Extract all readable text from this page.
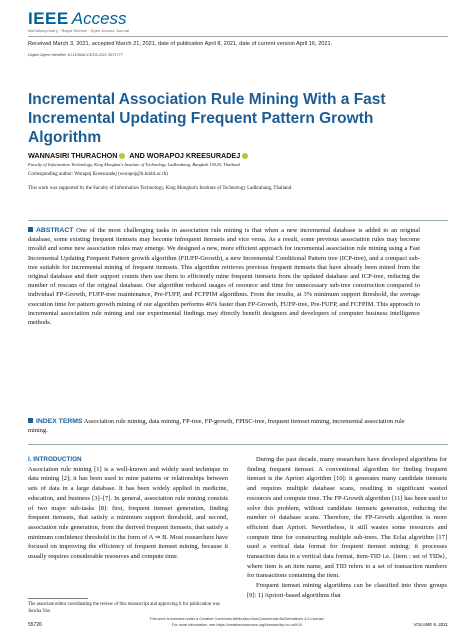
IEEE Access
Multidisciplinary : Rapid Review : Open Access Journal
Received March 3, 2021, accepted March 21, 2021, date of publication April 8, 2021, date of current version April 16, 2021.
Digital Object Identifier 10.1109/ACCESS.2021.3071777
Incremental Association Rule Mining With a Fast Incremental Updating Frequent Pattern Growth Algorithm
WANNASIRI THURACHON AND WORAPOJ KREESURADEJ
Faculty of Information Technology, King Mongkut's Institute of Technology Ladkrabang, Bangkok 10520, Thailand
Corresponding author: Worapoj Kreesuradej (worapoj@it.kmitl.ac.th)
This work was supported by the Faculty of Information Technology, King Mongkut's Institute of Technology Ladkrabang, Thailand.
ABSTRACT One of the most challenging tasks in association rule mining is that when a new incremental database is added to an original database, some existing frequent itemsets may become infrequent itemsets and vice versa. As a result, some previous association rules may become invalid and some new association rules may emerge. We designed a new, more efficient approach for incremental association rule mining using a Fast Incremental Updating Frequent Pattern growth algorithm (FIUFP-Growth), a new Incremental Conditional Pattern tree (ICP-tree), and a compact sub-tree suitable for incremental mining of frequent itemsets. This algorithm retrieves previous frequent itemsets that have already been mined from the original database and their support counts then use them to efficiently mine frequent itemsets from the updated database and ICP-tree, reducing the number of rescans of the original database. Our algorithm reduced usages of resource and time for unnecessary sub-tree construction compared to individual FP-Growth, FUFP-tree maintenance, Pre-FUFP, and FCFPIM algorithms. From the results, at 3% minimum support threshold, the average execution time for pattern growth mining of our algorithm performs 46% faster than FP-Growth, FUFP-tree, Pre-FUFP, and FCFPIM. This approach to incremental association rule mining and our experimental findings may directly benefit designers and developers of computer business intelligence methods.
INDEX TERMS Association rule mining, data mining, FP-tree, FP-growth, FPISC-tree, frequent itemset mining, incremental association rule mining.
I. INTRODUCTION
Association rule mining [1] is a well-known and widely used technique in data mining [2]; it has been used to mine patterns or relationships between sets of data in a large database. It has been widely applied in medicine, education, and business [3]–[7]. In general, association rule mining consists of two major sub-tasks [8]: first, frequent itemset generation, finding frequent itemsets, that satisfy a minimum support threshold, and second, association rule generation, from the derived frequent itemsets, that satisfy a minimum confidence threshold in the form of A ⇒ B. Most researchers have focused on improving the efficiency of frequent itemset mining, because it usually requires considerable resources and compute time.
During the past decade, many researchers have developed algorithms for finding frequent itemset. A conventional algorithm for finding frequent itemset is the Apriori algorithm [10]: it generates many candidate itemsets and requires multiple database scans, resulting in significant wasted resources and compute time. The FP-Growth algorithm [11] has been used to solve this problem, without candidate itemsets generation, reducing the number of database scans. Therefore, the FP-Growth algorithm is more efficient than Apriori. Nevertheless, it still wastes some resources and compute time for constructing multiple sub-trees. The Eclat algorithm [17] used a vertical data format for frequent itemset mining: it processes transaction data in a vertical data format, item-TID i.e. {item : set of TIDs}, where item is an item name, and TID refers to a set of transaction numbers for transactions containing the item.
Frequent itemset mining algorithms can be classified into three groups [9]: 1) Apriori-based algorithms that
The associate editor coordinating the review of this manuscript and approving it for publication was Juncha Yan
This work is licensed under a Creative Commons Attribution-NonCommercial-NoDerivatives 4.0 License.
For more information, see https://creativecommons.org/licenses/by-nc-nd/4.0/
55726	VOLUME 9, 2021
